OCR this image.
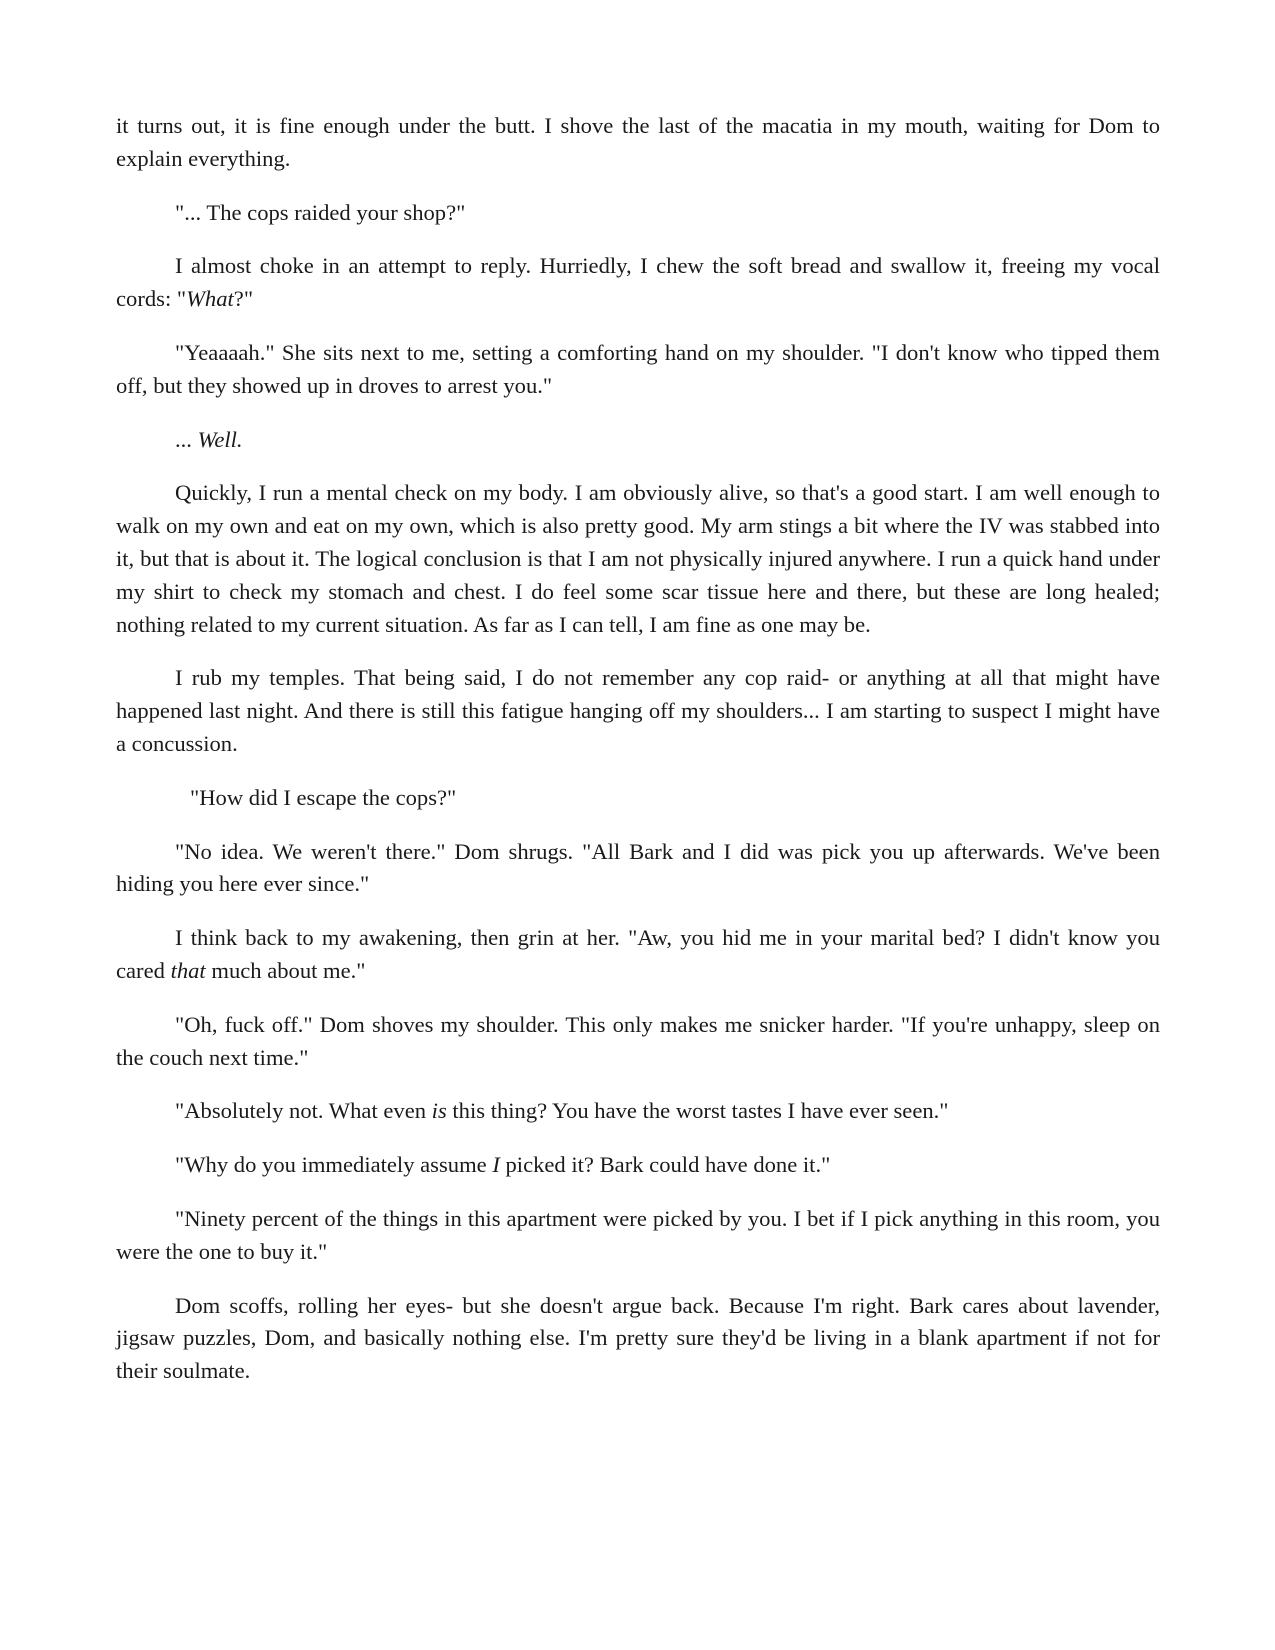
it turns out, it is fine enough under the butt. I shove the last of the macatia in my mouth, waiting for Dom to explain everything.

"... The cops raided your shop?"

I almost choke in an attempt to reply. Hurriedly, I chew the soft bread and swallow it, freeing my vocal cords: "What?"

"Yeaaaah." She sits next to me, setting a comforting hand on my shoulder. "I don't know who tipped them off, but they showed up in droves to arrest you."

... Well.

Quickly, I run a mental check on my body. I am obviously alive, so that's a good start. I am well enough to walk on my own and eat on my own, which is also pretty good. My arm stings a bit where the IV was stabbed into it, but that is about it. The logical conclusion is that I am not physically injured anywhere. I run a quick hand under my shirt to check my stomach and chest. I do feel some scar tissue here and there, but these are long healed; nothing related to my current situation. As far as I can tell, I am fine as one may be.

I rub my temples. That being said, I do not remember any cop raid- or anything at all that might have happened last night. And there is still this fatigue hanging off my shoulders... I am starting to suspect I might have a concussion.

"How did I escape the cops?"

"No idea. We weren't there." Dom shrugs. "All Bark and I did was pick you up afterwards. We've been hiding you here ever since."

I think back to my awakening, then grin at her. "Aw, you hid me in your marital bed? I didn't know you cared that much about me."

"Oh, fuck off." Dom shoves my shoulder. This only makes me snicker harder. "If you're unhappy, sleep on the couch next time."

"Absolutely not. What even is this thing? You have the worst tastes I have ever seen."

"Why do you immediately assume I picked it? Bark could have done it."

"Ninety percent of the things in this apartment were picked by you. I bet if I pick anything in this room, you were the one to buy it."

Dom scoffs, rolling her eyes- but she doesn't argue back. Because I'm right. Bark cares about lavender, jigsaw puzzles, Dom, and basically nothing else. I'm pretty sure they'd be living in a blank apartment if not for their soulmate.
